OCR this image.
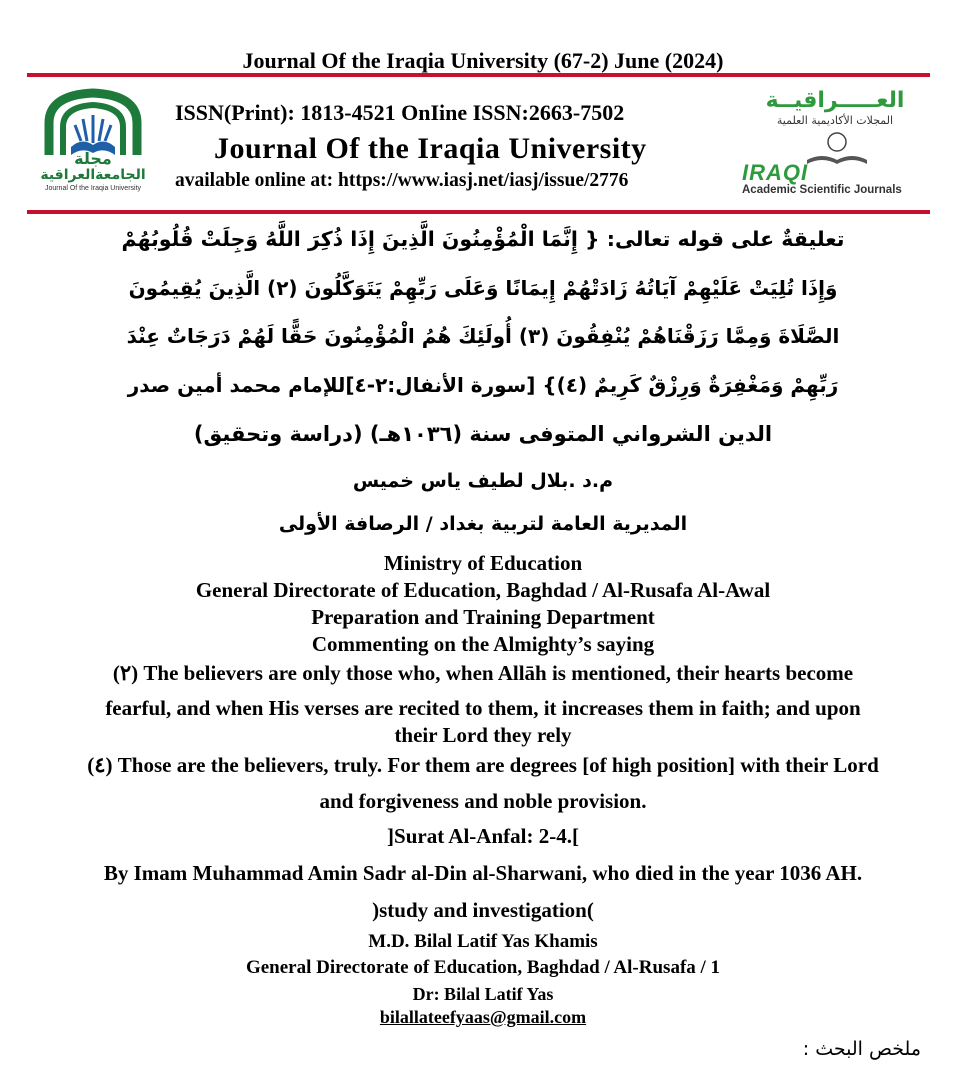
Journal Of the Iraqia University (67-2) June (2024)
مجلة
الجامعةالعراقية
Journal Of the Iraqia University
ISSN(Print): 1813-4521 OnIine ISSN:2663-7502
Journal Of the Iraqia University
available online at: https://www.iasj.net/iasj/issue/2776
العـــــراقيــة
المجلات الأكاديمية العلمية
IRAQI
Academic Scientific Journals
تعليقةٌ على قوله تعالى: { إِنَّمَا الْمُؤْمِنُونَ الَّذِينَ إِذَا ذُكِرَ اللَّهُ وَجِلَتْ قُلُوبُهُمْ
وَإِذَا تُلِيَتْ عَلَيْهِمْ آيَاتُهُ زَادَتْهُمْ إِيمَانًا وَعَلَى رَبِّهِمْ يَتَوَكَّلُونَ (٢) الَّذِينَ يُقِيمُونَ
الصَّلَاةَ وَمِمَّا رَزَقْنَاهُمْ يُنْفِقُونَ (٣) أُولَئِكَ هُمُ الْمُؤْمِنُونَ حَقًّا لَهُمْ دَرَجَاتٌ عِنْدَ
رَبِّهِمْ وَمَغْفِرَةٌ وَرِزْقٌ كَرِيمٌ (٤)} [سورة الأنفال:٢-٤]للإمام محمد أمين صدر
الدين الشرواني المتوفى سنة (١٠٣٦هـ) (دراسة وتحقيق)
م.د .بلال لطيف ياس خميس
المديرية العامة لتربية بغداد / الرصافة الأولى
Ministry of Education
General Directorate of Education, Baghdad / Al-Rusafa Al-Awal
Preparation and Training Department
Commenting on the Almighty’s saying
(٢) The believers are only those who, when Allāh is mentioned, their hearts become
fearful, and when His verses are recited to them, it increases them in faith; and upon
their Lord they rely
(٤) Those are the believers, truly. For them are degrees [of high position] with their Lord
and forgiveness and noble provision.
]Surat Al-Anfal: 2-4.[
By Imam Muhammad Amin Sadr al-Din al-Sharwani, who died in the year 1036 AH.
)study and investigation(
M.D. Bilal Latif Yas Khamis
General Directorate of Education, Baghdad / Al-Rusafa / 1
Dr: Bilal Latif Yas
bilallateefyaas@gmail.com
ملخص البحث :
